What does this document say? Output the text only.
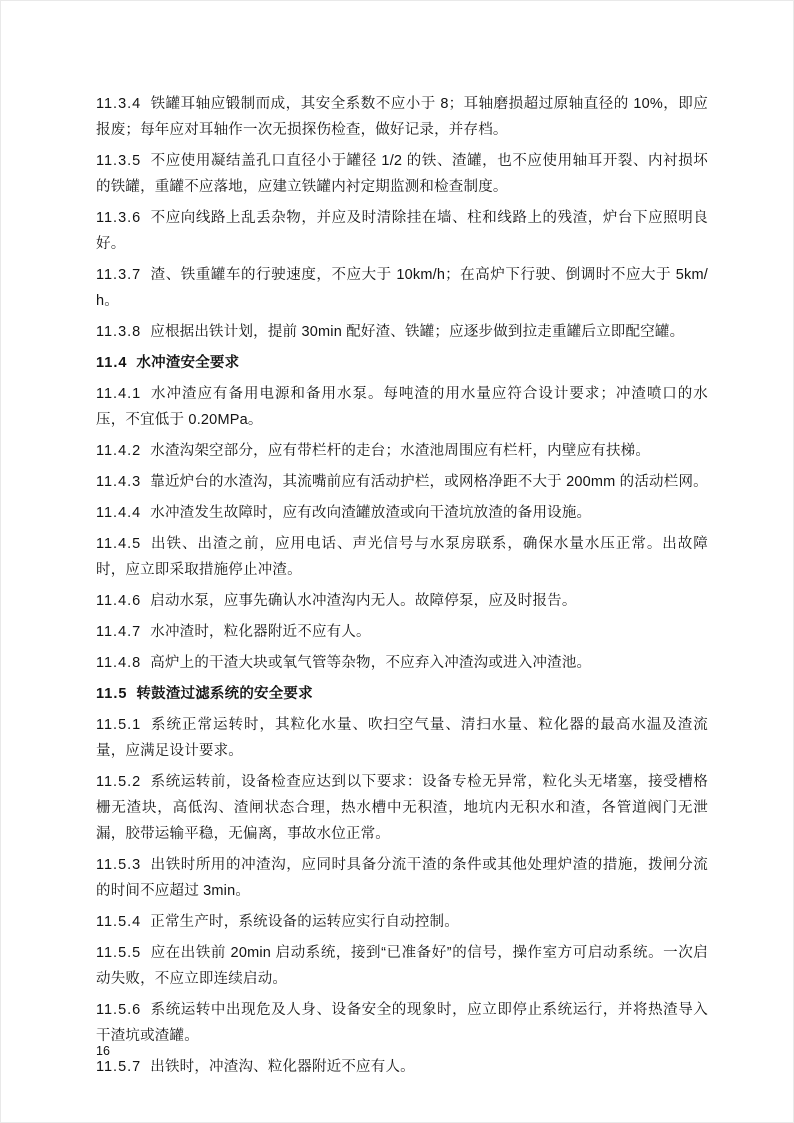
11.3.4 铁罐耳轴应锻制而成，其安全系数不应小于 8；耳轴磨损超过原轴直径的 10%，即应报废；每年应对耳轴作一次无损探伤检查，做好记录，并存档。

11.3.5 不应使用凝结盖孔口直径小于罐径 1/2 的铁、渣罐，也不应使用轴耳开裂、内衬损坏的铁罐，重罐不应落地，应建立铁罐内衬定期监测和检查制度。

11.3.6 不应向线路上乱丢杂物，并应及时清除挂在墙、柱和线路上的残渣，炉台下应照明良好。

11.3.7 渣、铁重罐车的行驶速度，不应大于 10km/h；在高炉下行驶、倒调时不应大于 5km/h。

11.3.8 应根据出铁计划，提前 30min 配好渣、铁罐；应逐步做到拉走重罐后立即配空罐。

11.4 水冲渣安全要求

11.4.1 水冲渣应有备用电源和备用水泵。每吨渣的用水量应符合设计要求；冲渣喷口的水压，不宜低于 0.20MPa。

11.4.2 水渣沟架空部分，应有带栏杆的走台；水渣池周围应有栏杆，内壁应有扶梯。

11.4.3 靠近炉台的水渣沟，其流嘴前应有活动护栏，或网格净距不大于 200mm 的活动栏网。

11.4.4 水冲渣发生故障时，应有改向渣罐放渣或向干渣坑放渣的备用设施。

11.4.5 出铁、出渣之前，应用电话、声光信号与水泵房联系，确保水量水压正常。出故障时，应立即采取措施停止冲渣。

11.4.6 启动水泵，应事先确认水冲渣沟内无人。故障停泵，应及时报告。

11.4.7 水冲渣时，粒化器附近不应有人。

11.4.8 高炉上的干渣大块或氧气管等杂物，不应弃入冲渣沟或进入冲渣池。

11.5 转鼓渣过滤系统的安全要求

11.5.1 系统正常运转时，其粒化水量、吹扫空气量、清扫水量、粒化器的最高水温及渣流量，应满足设计要求。

11.5.2 系统运转前，设备检查应达到以下要求：设备专检无异常，粒化头无堵塞，接受槽格栅无渣块，高低沟、渣闸状态合理，热水槽中无积渣，地坑内无积水和渣，各管道阀门无泄漏，胶带运输平稳，无偏离，事故水位正常。

11.5.3 出铁时所用的冲渣沟，应同时具备分流干渣的条件或其他处理炉渣的措施，拨闸分流的时间不应超过 3min。

11.5.4 正常生产时，系统设备的运转应实行自动控制。

11.5.5 应在出铁前 20min 启动系统，接到“已准备好”的信号，操作室方可启动系统。一次启动失败，不应立即连续启动。

11.5.6 系统运转中出现危及人身、设备安全的现象时，应立即停止系统运行，并将热渣导入干渣坑或渣罐。

11.5.7 出铁时，冲渣沟、粒化器附近不应有人。

16
